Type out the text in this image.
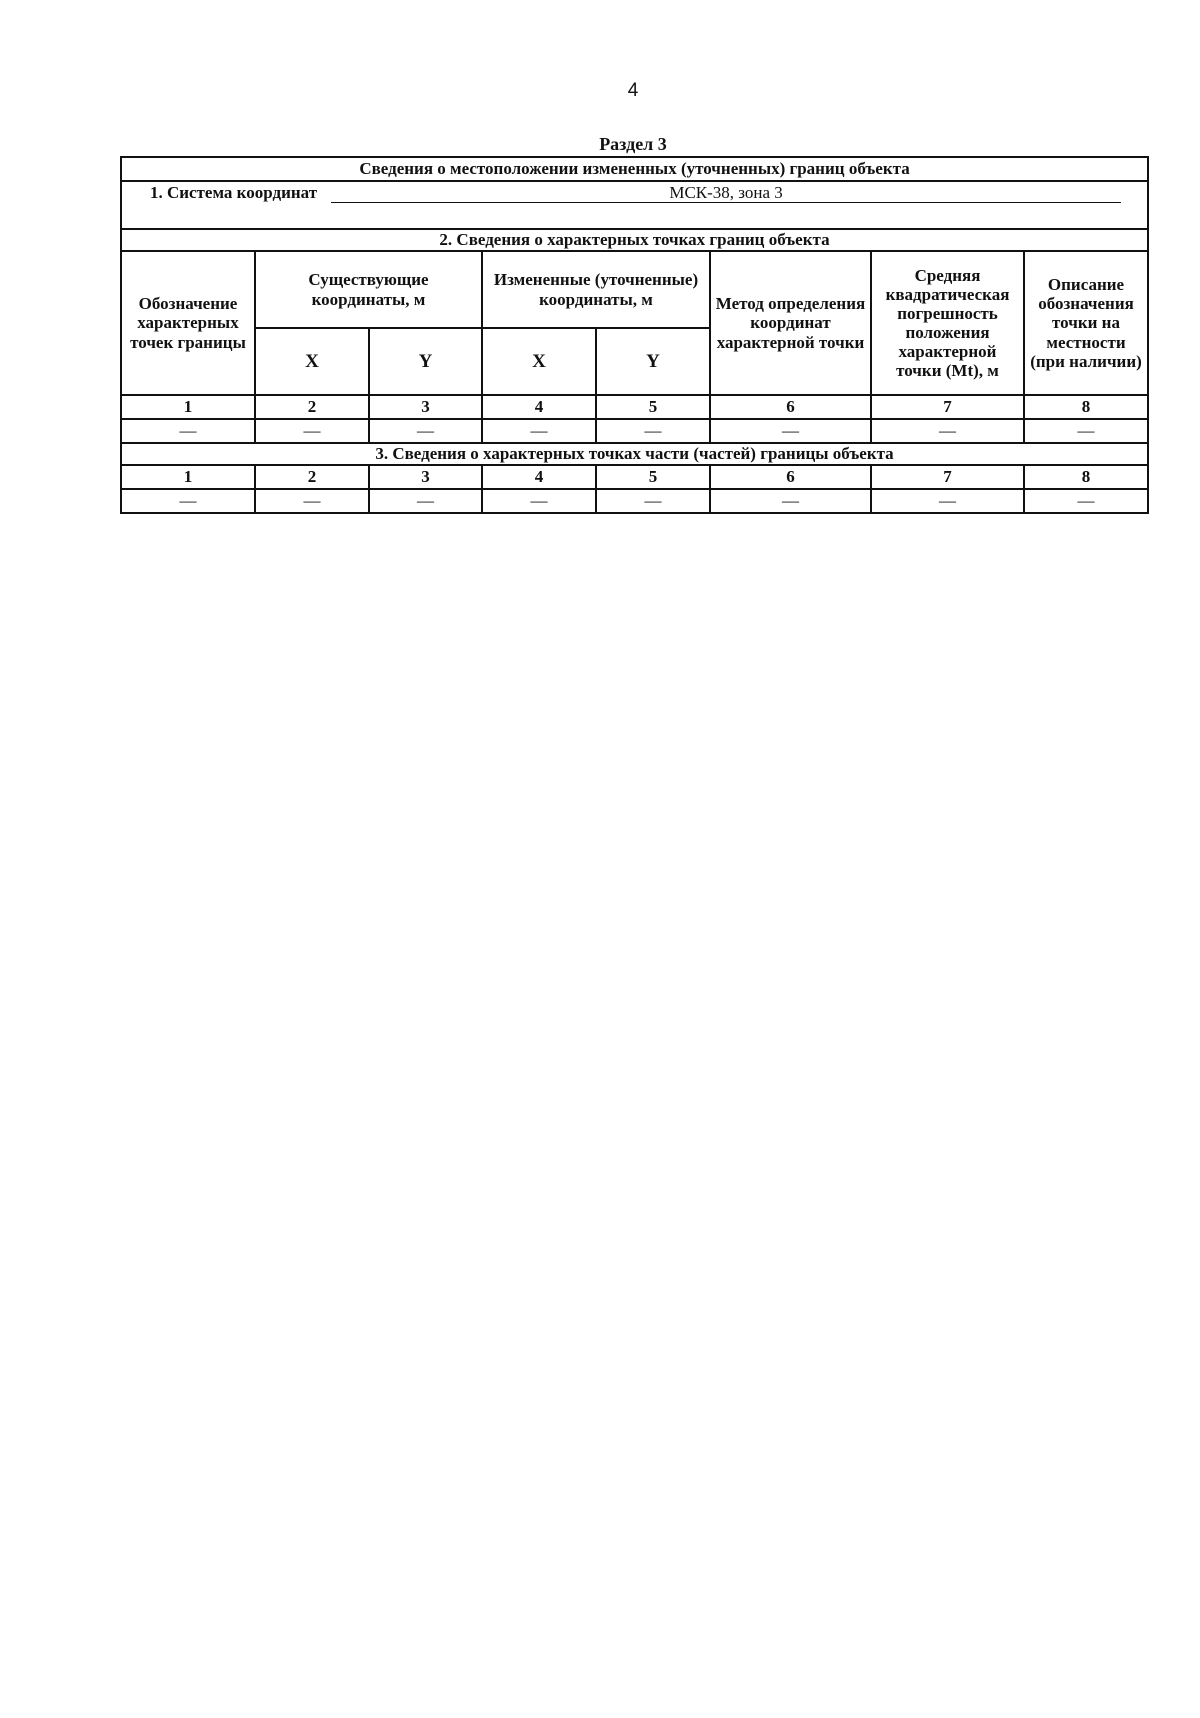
4
Раздел 3
Сведения о местоположении измененных (уточненных) границ объекта							
1. Система координат МСК-38, зона 3							

2. Сведения о характерных точках границ объекта							
Обозначение характерных точек границы	Существующие координаты, м		Измененные (уточненные) координаты, м		Метод определения координат характерной точки	Средняя квадратическая погрешность положения характерной точки (Mt), м	Описание обозначения точки на местности (при наличии)
	X	Y	X	Y			
1	2	3	4	5	6	7	8
—	—	—	—	—	—	—	—
3. Сведения о характерных точках части (частей) границы объекта							
1	2	3	4	5	6	7	8
—	—	—	—	—	—	—	—
